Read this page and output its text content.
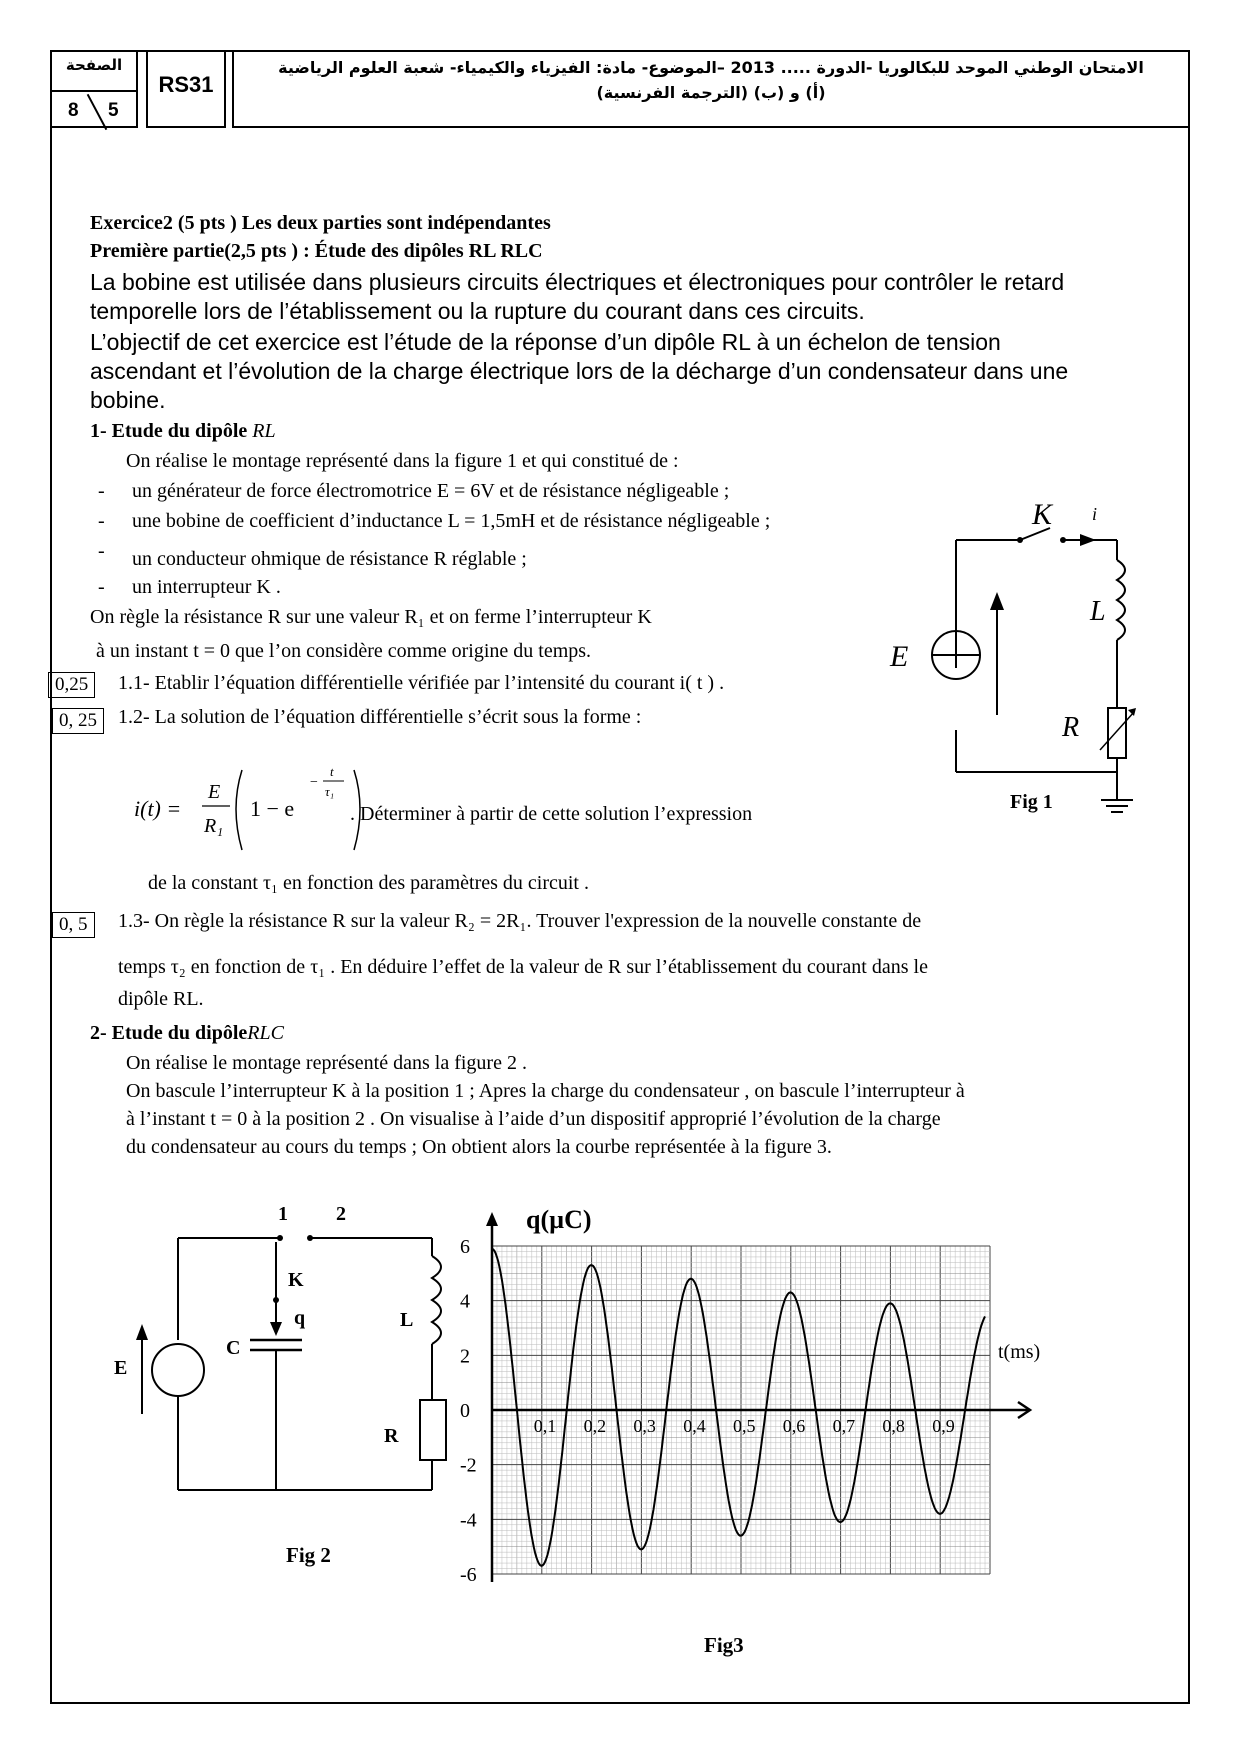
الصفحة
8 5
RS31
الامتحان الوطني الموحد للبكالوريا -الدورة ..... 2013 –الموضوع- مادة: الفيزياء والكيمياء- شعبة العلوم الرياضية
(أ) و (ب) (الترجمة الفرنسية)
Exercice2 (5 pts ) Les deux parties sont indépendantes
Première partie(2,5 pts ) : Étude des dipôles RL RLC
La bobine est utilisée dans plusieurs circuits électriques et électroniques pour contrôler le retard
temporelle lors de l’établissement ou la rupture du courant dans ces circuits.
L’objectif de cet exercice est l’étude de la réponse d’un dipôle RL à un échelon de tension
ascendant et l’évolution de la charge électrique lors de la décharge d’un condensateur dans une
bobine.
1- Etude du dipôle RL
On réalise le montage représenté dans la figure 1 et qui constitué de :
- un générateur de force électromotrice E = 6V et de résistance négligeable ;
- une bobine de coefficient d’inductance L = 1,5mH et de résistance négligeable ;
- un conducteur ohmique de résistance R réglable ;
- un interrupteur K .
On règle la résistance R sur une valeur R₁ et on ferme l’interrupteur K
à un instant t = 0 que l’on considère comme origine du temps.
0,25	1.1- Etablir l’équation différentielle vérifiée par l’intensité du courant i( t ) .
0, 25	1.2- La solution de l’équation différentielle s’écrit sous la forme :
i(t) =
E
R₁
1 − e
−
t
τ₁
. Déterminer à partir de cette solution l’expression
de la constant τ₁ en fonction des paramètres du circuit .
0, 5	1.3- On règle la résistance R sur la valeur R₂ = 2R₁. Trouver l'expression de la nouvelle constante de
temps τ₂ en fonction de τ₁ . En déduire l’effet de la valeur de R sur l’établissement du courant dans le
dipôle RL.
2- Etude du dipôleRLC
On réalise le montage représenté dans la figure 2 .
On bascule l’interrupteur K à la position 1 ; Apres la charge du condensateur , on bascule l’interrupteur à
à l’instant t = 0 à la position 2 . On visualise à l’aide d’un dispositif approprié l’évolution de la charge
du condensateur au cours du temps ; On obtient alors la courbe représentée à la figure 3.
K i
L
E
R
Fig 1
1 2
K
L
q
C
E
R
Fig 2
6
4
2
0
-2
-4
-6
0,1 0,2 0,3 0,4 0,5 0,6 0,7 0,8 0,9
q(µC)
t(ms)
Fig3
